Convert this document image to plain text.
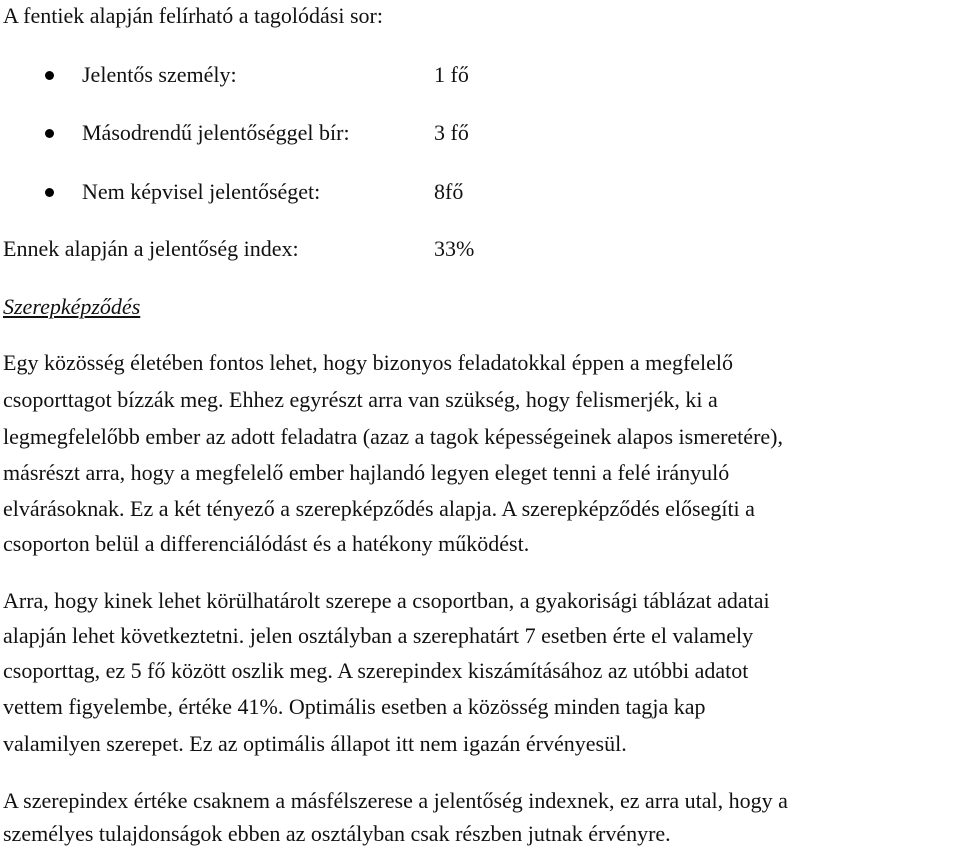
A fentiek alapján felírható a tagolódási sor:
Jelentős személy:	1 fő
Másodrendű jelentőséggel bír:	3 fő
Nem képvisel jelentőséget:	8fő
Ennek alapján a jelentőség index:	33%
Szerepképződés
Egy közösség életében fontos lehet, hogy bizonyos feladatokkal éppen a megfelelő
csoporttagot bízzák meg. Ehhez egyrészt arra van szükség, hogy felismerjék, ki a
legmegfelelőbb ember az adott feladatra (azaz a tagok képességeinek alapos ismeretére),
másrészt arra, hogy a megfelelő ember hajlandó legyen eleget tenni a felé irányuló
elvárásoknak. Ez a két tényező a szerepképződés alapja. A szerepképződés elősegíti a
csoporton belül a differenciálódást és a hatékony működést.
Arra, hogy kinek lehet körülhatárolt szerepe a csoportban, a gyakorisági táblázat adatai
alapján lehet következtetni. jelen osztályban a szerephatárt 7 esetben érte el valamely
csoporttag, ez 5 fő között oszlik meg. A szerepindex kiszámításához az utóbbi adatot
vettem figyelembe, értéke 41%. Optimális esetben a közösség minden tagja kap
valamilyen szerepet. Ez az optimális állapot itt nem igazán érvényesül.
A szerepindex értéke csaknem a másfélszerese a jelentőség indexnek, ez arra utal, hogy a
személyes tulajdonságok ebben az osztályban csak részben jutnak érvényre.
